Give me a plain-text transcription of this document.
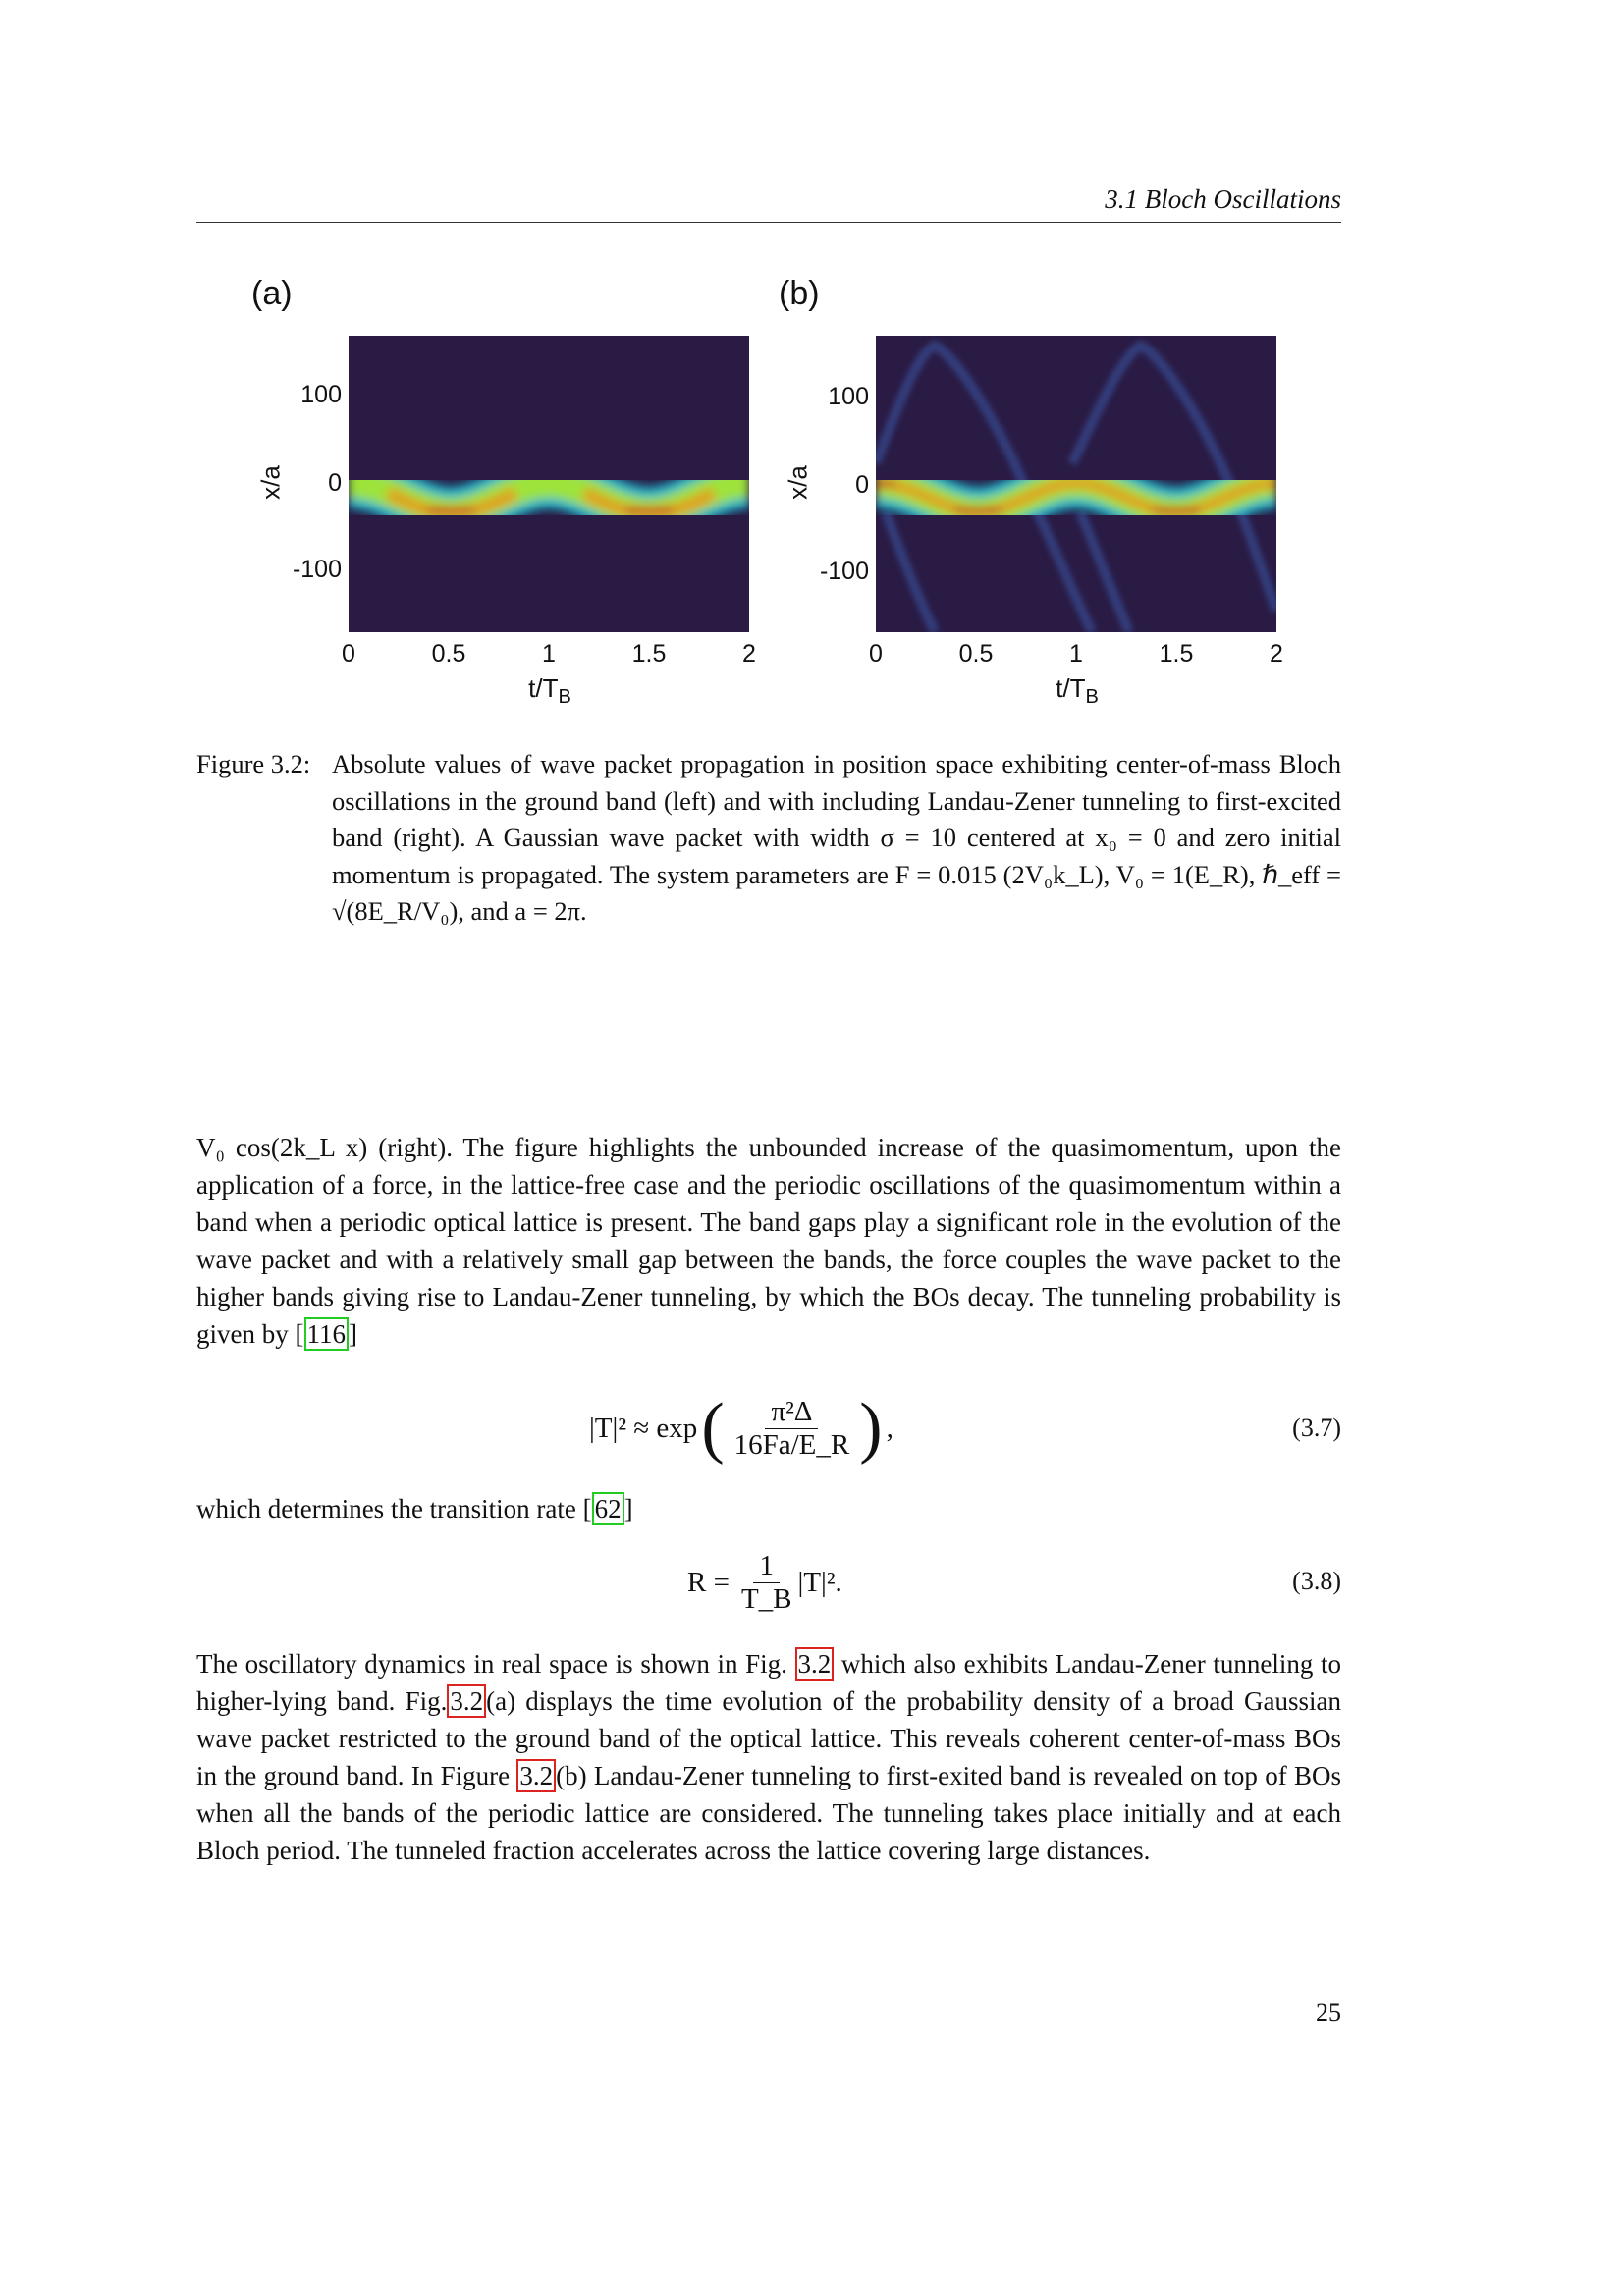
3.1 Bloch Oscillations
(a)
x/a
100
0
-100
0	0.5	1	1.5	2
$t/T_B$
(b)
x/a
100
0
-100
0	0.5	1	1.5	2
$t/T_B$
Figure 3.2: Absolute values of wave packet propagation in position space exhibiting center-of-mass Bloch oscillations in the ground band (left) and with including Landau-Zener tunneling to first-excited band (right). A Gaussian wave packet with width σ = 10 centered at x₀ = 0 and zero initial momentum is propagated. The system parameters are F = 0.015 (2V₀k_L), V₀ = 1(E_R), ℏ_eff = √(8E_R/V₀), and a = 2π.
V₀ cos(2k_L x) (right). The figure highlights the unbounded increase of the quasimomentum, upon the application of a force, in the lattice-free case and the periodic oscillations of the quasimomentum within a band when a periodic optical lattice is present. The band gaps play a significant role in the evolution of the wave packet and with a relatively small gap between the bands, the force couples the wave packet to the higher bands giving rise to Landau-Zener tunneling, by which the BOs decay. The tunneling probability is given by [ 116 ]
|T|² ≈ exp ( $\frac{\text{π²Δ}}{16Fa/E\_R}$ ) ,	(3.7)
which determines the transition rate [ 62 ]
$R = \frac{1}{T\_B} |T|^2$.	(3.8)
The oscillatory dynamics in real space is shown in Fig. 3.2 which also exhibits Landau-Zener tunneling to higher-lying band. Fig. 3.2 (a) displays the time evolution of the probability density of a broad Gaussian wave packet restricted to the ground band of the optical lattice. This reveals coherent center-of-mass BOs in the ground band. In Figure 3.2 (b) Landau-Zener tunneling to first-exited band is revealed on top of BOs when all the bands of the periodic lattice are considered. The tunneling takes place initially and at each Bloch period. The tunneled fraction accelerates across the lattice covering large distances.
25
